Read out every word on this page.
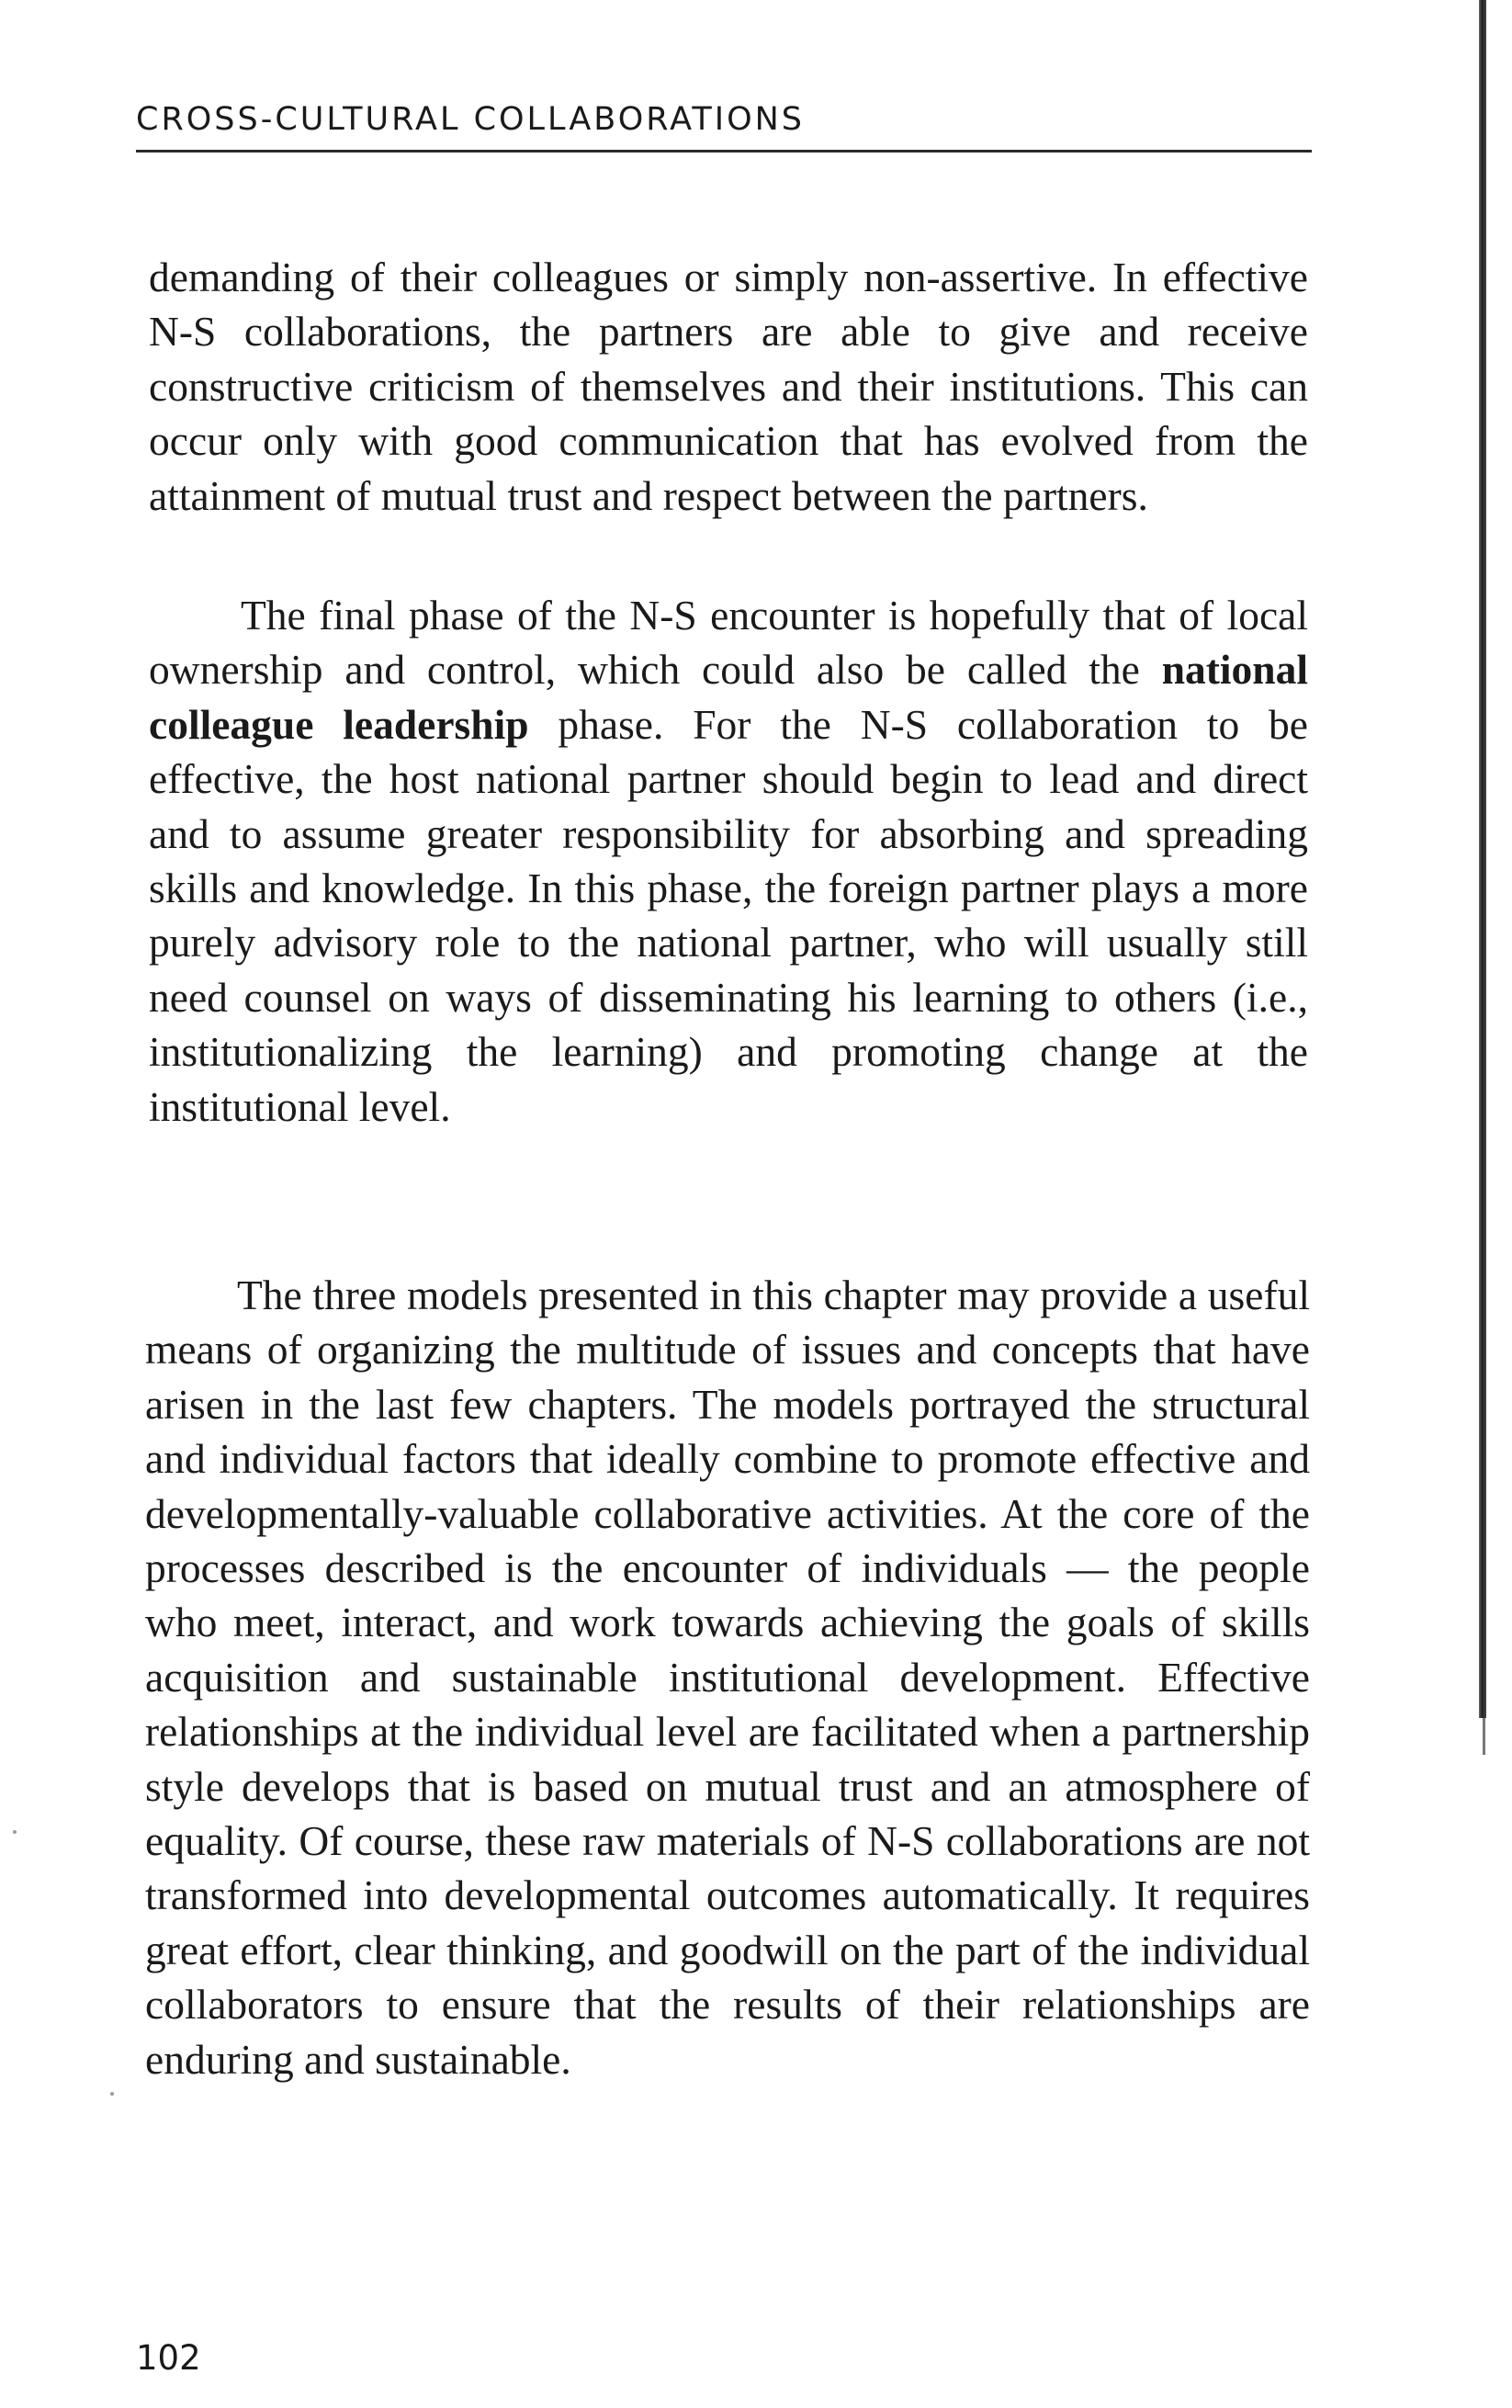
CROSS-CULTURAL COLLABORATIONS

demanding of their colleagues or simply non-assertive. In effective N-S collaborations, the partners are able to give and receive constructive criticism of themselves and their institutions. This can occur only with good communication that has evolved from the attainment of mutual trust and respect between the partners.

The final phase of the N-S encounter is hopefully that of local ownership and control, which could also be called the national colleague leadership phase. For the N-S collaboration to be effective, the host national partner should begin to lead and direct and to assume greater responsibility for absorbing and spreading skills and knowledge. In this phase, the foreign partner plays a more purely advisory role to the national partner, who will usually still need counsel on ways of disseminating his learning to others (i.e., institutionalizing the learning) and promoting change at the institutional level.

The three models presented in this chapter may provide a useful means of organizing the multitude of issues and concepts that have arisen in the last few chapters. The models portrayed the structural and individual factors that ideally combine to promote effective and developmentally-valuable collaborative activities. At the core of the processes described is the encounter of individuals — the people who meet, interact, and work towards achieving the goals of skills acquisition and sustainable institutional development. Effective relationships at the individual level are facilitated when a partnership style develops that is based on mutual trust and an atmosphere of equality. Of course, these raw materials of N-S collaborations are not transformed into developmental outcomes automatically. It requires great effort, clear thinking, and goodwill on the part of the individual collaborators to ensure that the results of their relationships are enduring and sustainable.

102
